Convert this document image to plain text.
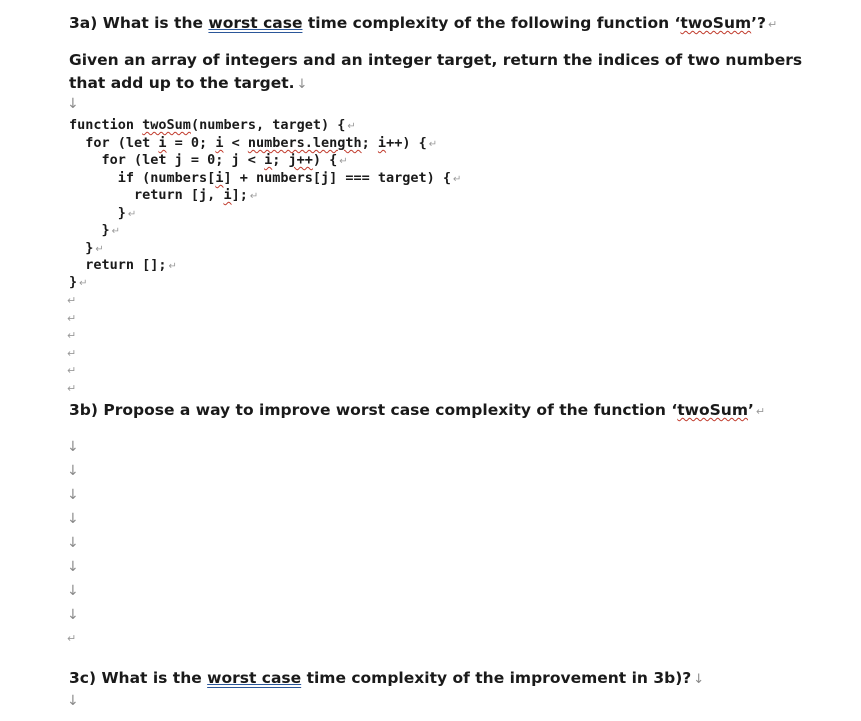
3a) What is the worst case time complexity of the following function ‘twoSum’? ↵
Given an array of integers and an integer target, return the indices of two numbers that add up to the target. ↓
↓
function twoSum(numbers, target) { ↵
for (let i = 0; i < numbers.length; i++) { ↵
for (let j = 0; j < i; j++) { ↵
if (numbers[i] + numbers[j] === target) { ↵
return [j, i]; ↵
} ↵
} ↵
} ↵
return []; ↵
} ↵
↵
↵
↵
↵
↵
↵
3b) Propose a way to improve worst case complexity of the function ‘twoSum’ ↵
↓
↓
↓
↓
↓
↓
↓
↓
↵
3c) What is the worst case time complexity of the improvement in 3b)? ↓
↓
